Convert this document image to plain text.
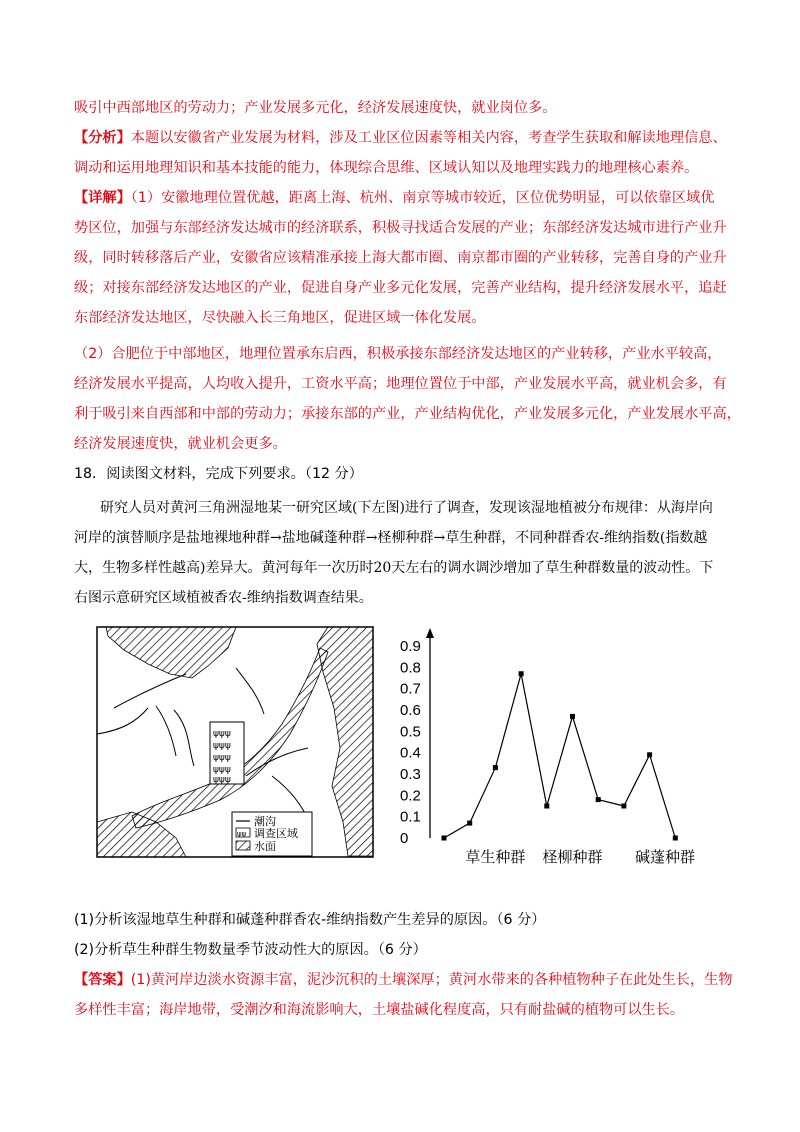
吸引中西部地区的劳动力；产业发展多元化，经济发展速度快，就业岗位多。
【分析】本题以安徽省产业发展为材料，涉及工业区位因素等相关内容，考查学生获取和解读地理信息、
调动和运用地理知识和基本技能的能力，体现综合思维、区域认知以及地理实践力的地理核心素养。
【详解】（1）安徽地理位置优越，距离上海、杭州、南京等城市较近，区位优势明显，可以依靠区域优
势区位，加强与东部经济发达城市的经济联系，积极寻找适合发展的产业；东部经济发达城市进行产业升
级，同时转移落后产业，安徽省应该精准承接上海大都市圈、南京都市圈的产业转移，完善自身的产业升
级；对接东部经济发达地区的产业，促进自身产业多元化发展，完善产业结构，提升经济发展水平，追赶
东部经济发达地区，尽快融入长三角地区，促进区域一体化发展。
（2）合肥位于中部地区，地理位置承东启西，积极承接东部经济发达地区的产业转移，产业水平较高，
经济发展水平提高，人均收入提升，工资水平高；地理位置位于中部，产业发展水平高，就业机会多，有
利于吸引来自西部和中部的劳动力；承接东部的产业，产业结构优化，产业发展多元化，产业发展水平高，
经济发展速度快，就业机会更多。
18．阅读图文材料，完成下列要求。（12 分）
研究人员对黄河三角洲湿地某一研究区域(下左图)进行了调查，发现该湿地植被分布规律：从海岸向
河岸的演替顺序是盐地裸地种群→盐地碱蓬种群→柽柳种群→草生种群，不同种群香农-维纳指数(指数越
大，生物多样性越高)差异大。黄河每年一次历时20天左右的调水调沙增加了草生种群数量的波动性。下
右图示意研究区域植被香农-维纳指数调查结果。
ψψψ
ψψψ
ψψψ
ψψψ
ψψψ
潮沟
ψψ 调查区域
水面	0
0.1
0.2
0.3
0.4
0.5
0.6
0.7
0.8
0.9
草生种群 柽柳种群 碱蓬种群
(1)分析该湿地草生种群和碱蓬种群香农-维纳指数产生差异的原因。（6 分）
(2)分析草生种群生物数量季节波动性大的原因。（6 分）
【答案】(1)黄河岸边淡水资源丰富，泥沙沉积的土壤深厚；黄河水带来的各种植物种子在此处生长，生物
多样性丰富；海岸地带，受潮汐和海流影响大，土壤盐碱化程度高，只有耐盐碱的植物可以生长。
